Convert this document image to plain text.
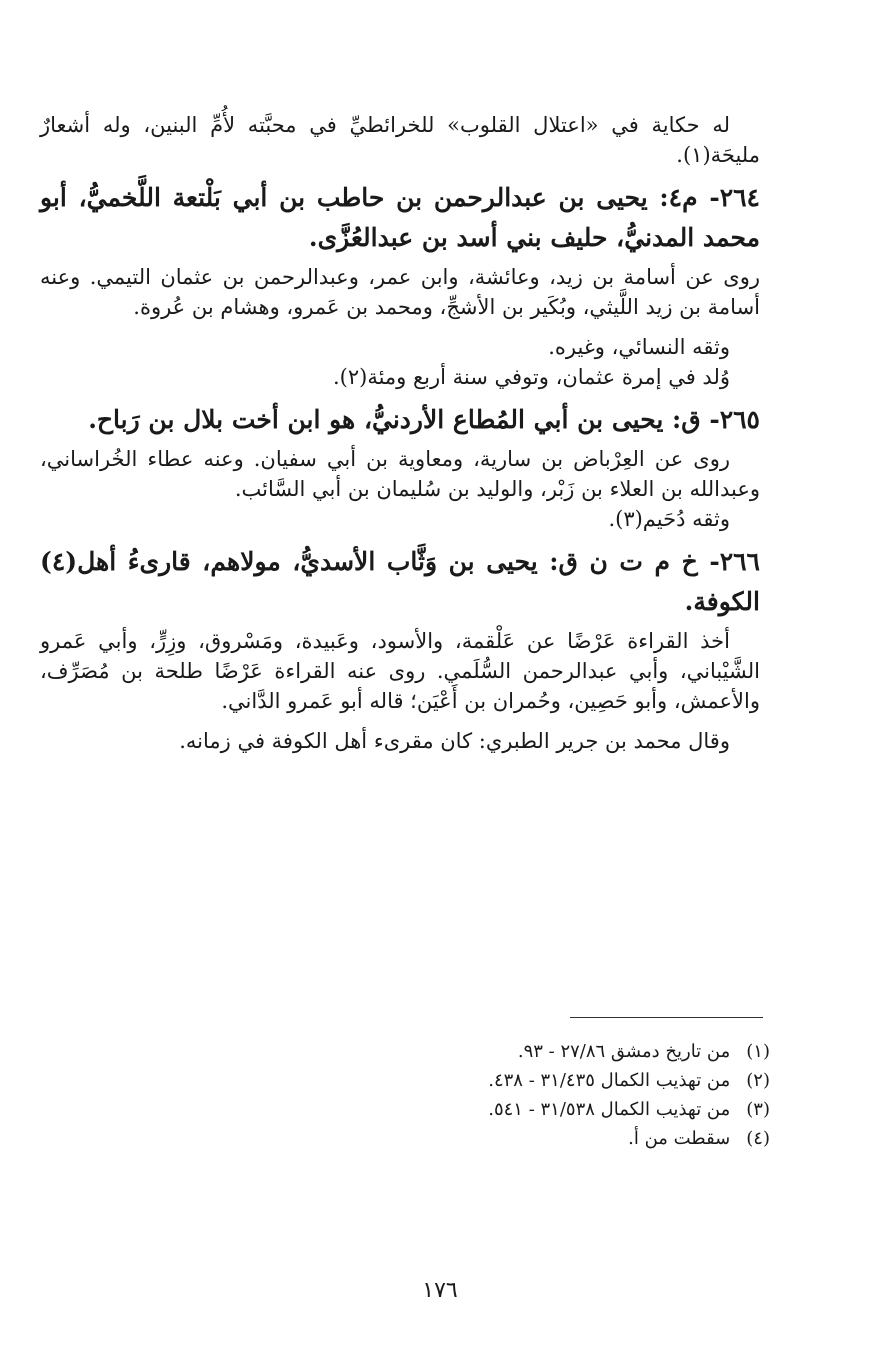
له حكاية في «اعتلال القلوب» للخرائطيِّ في محبَّته لأُمِّ البنين، وله أشعارٌ مليحَة(١).

٢٦٤- م٤: يحيى بن عبدالرحمن بن حاطب بن أبي بَلْتعة اللَّخميُّ، أبو محمد المدنيُّ، حليف بني أسد بن عبدالعُزَّى.

روى عن أسامة بن زيد، وعائشة، وابن عمر، وعبدالرحمن بن عثمان التيمي. وعنه أسامة بن زيد اللَّيثي، وبُكَير بن الأشجِّ، ومحمد بن عَمرو، وهشام بن عُروة.

وثقه النسائي، وغيره.

وُلد في إمرة عثمان، وتوفي سنة أربع ومئة(٢).

٢٦٥- ق: يحيى بن أبي المُطاع الأردنيُّ، هو ابن أخت بلال بن رَباح.

روى عن العِرْباض بن سارية، ومعاوية بن أبي سفيان. وعنه عطاء الخُراساني، وعبدالله بن العلاء بن زَبْر، والوليد بن سُليمان بن أبي السَّائب.

وثقه دُحَيم(٣).

٢٦٦- خ م ت ن ق: يحيى بن وَثَّاب الأسديُّ، مولاهم، قارىءُ أهل(٤) الكوفة.

أخذ القراءة عَرْضًا عن عَلْقمة، والأسود، وعَبيدة، ومَسْروق، وزِرٍّ، وأبي عَمرو الشَّيْباني، وأبي عبدالرحمن السُّلَمي. روى عنه القراءة عَرْضًا طلحة بن مُصَرِّف، والأعمش، وأبو حَصِين، وحُمران بن أَعْيَن؛ قاله أبو عَمرو الدَّاني.

وقال محمد بن جرير الطبري: كان مقرىء أهل الكوفة في زمانه.

(١) من تاريخ دمشق ٢٧/٨٦ - ٩٣.
(٢) من تهذيب الكمال ٣١/٤٣٥ - ٤٣٨.
(٣) من تهذيب الكمال ٣١/٥٣٨ - ٥٤١.
(٤) سقطت من أ.
١٧٦
